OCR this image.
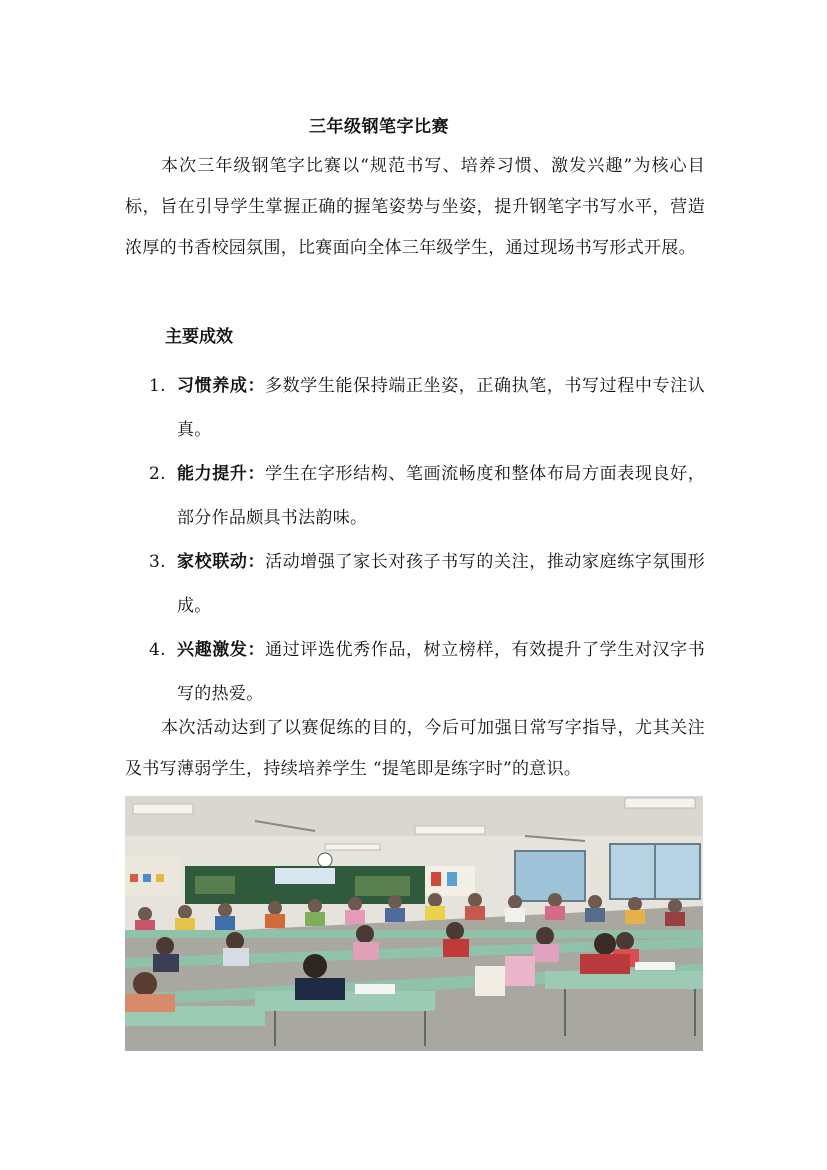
三年级钢笔字比赛
本次三年级钢笔字比赛以“规范书写、培养习惯、激发兴趣”为核心目标，旨在引导学生掌握正确的握笔姿势与坐姿，提升钢笔字书写水平，营造浓厚的书香校园氛围，比赛面向全体三年级学生，通过现场书写形式开展。
主要成效
1. 习惯养成：多数学生能保持端正坐姿，正确执笔，书写过程中专注认真。
2. 能力提升：学生在字形结构、笔画流畅度和整体布局方面表现良好，部分作品颇具书法韵味。
3. 家校联动：活动增强了家长对孩子书写的关注，推动家庭练字氛围形成。
4. 兴趣激发：通过评选优秀作品，树立榜样，有效提升了学生对汉字书写的热爱。
本次活动达到了以赛促练的目的，今后可加强日常写字指导，尤其关注及书写薄弱学生，持续培养学生 “提笔即是练字时”的意识。
